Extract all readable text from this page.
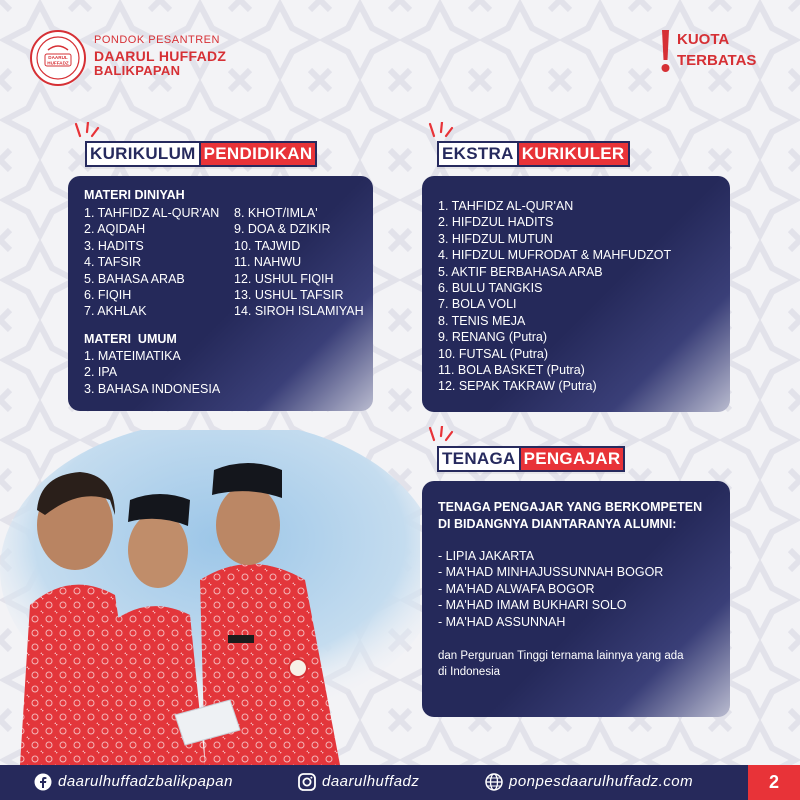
DAARUL
HUFFADZ
PONDOK PESANTREN
DAARUL HUFFADZ
BALIKPAPAN
KUOTA
TERBATAS
KURIKULUM PENDIDIKAN	EKSTRA KURIKULER
MATERI DINIYAH
1. TAHFIDZ AL-QUR'AN
2. AQIDAH
3. HADITS
4. TAFSIR
5. BAHASA ARAB
6. FIQIH
7. AKHLAK
8. KHOT/IMLA'
9. DOA & DZIKIR
10. TAJWID
11. NAHWU
12. USHUL FIQIH
13. USHUL TAFSIR
14. SIROH ISLAMIYAH
MATERI  UMUM
1. MATEIMATIKA
2. IPA
3. BAHASA INDONESIA
1. TAHFIDZ AL-QUR'AN
2. HIFDZUL HADITS
3. HIFDZUL MUTUN
4. HIFDZUL MUFRODAT & MAHFUDZOT
5. AKTIF BERBAHASA ARAB
6. BULU TANGKIS
7. BOLA VOLI
8. TENIS MEJA
9. RENANG (Putra)
10. FUTSAL (Putra)
11. BOLA BASKET (Putra)
12. SEPAK TAKRAW (Putra)
TENAGA PENGAJAR
TENAGA PENGAJAR YANG BERKOMPETEN
DI BIDANGNYA DIANTARANYA ALUMNI:
- LIPIA JAKARTA
- MA'HAD MINHAJUSSUNNAH BOGOR
- MA'HAD ALWAFA BOGOR
- MA'HAD IMAM BUKHARI SOLO
- MA'HAD ASSUNNAH
dan Perguruan Tinggi ternama lainnya yang ada
di Indonesia
daarulhuffadzbalikpapan	daarulhuffadz	ponpesdaarulhuffadz.com	2
